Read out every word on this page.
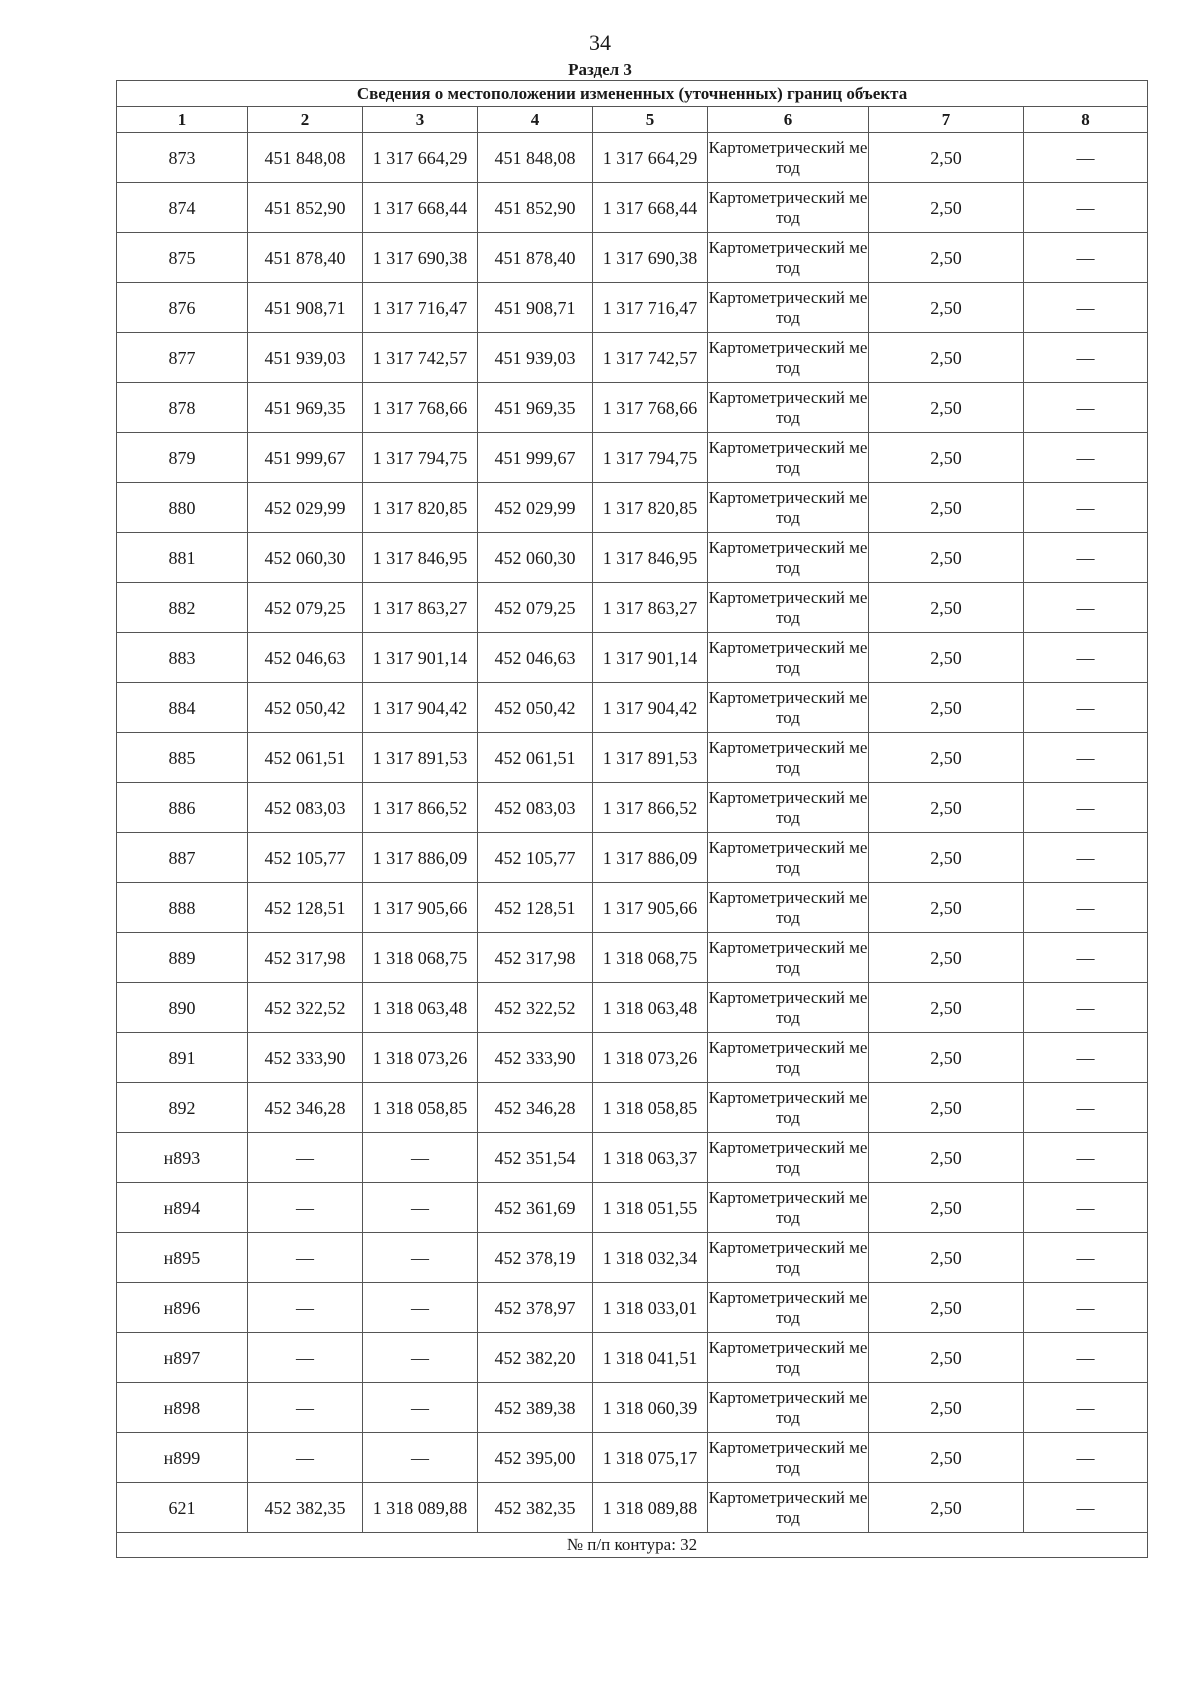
34
Раздел 3
Сведения о местоположении измененных (уточненных) границ объекта							
1	2	3	4	5	6	7	8
873	451 848,08	1 317 664,29	451 848,08	1 317 664,29	Картометрический метод	2,50	—
874	451 852,90	1 317 668,44	451 852,90	1 317 668,44	Картометрический метод	2,50	—
875	451 878,40	1 317 690,38	451 878,40	1 317 690,38	Картометрический метод	2,50	—
876	451 908,71	1 317 716,47	451 908,71	1 317 716,47	Картометрический метод	2,50	—
877	451 939,03	1 317 742,57	451 939,03	1 317 742,57	Картометрический метод	2,50	—
878	451 969,35	1 317 768,66	451 969,35	1 317 768,66	Картометрический метод	2,50	—
879	451 999,67	1 317 794,75	451 999,67	1 317 794,75	Картометрический метод	2,50	—
880	452 029,99	1 317 820,85	452 029,99	1 317 820,85	Картометрический метод	2,50	—
881	452 060,30	1 317 846,95	452 060,30	1 317 846,95	Картометрический метод	2,50	—
882	452 079,25	1 317 863,27	452 079,25	1 317 863,27	Картометрический метод	2,50	—
883	452 046,63	1 317 901,14	452 046,63	1 317 901,14	Картометрический метод	2,50	—
884	452 050,42	1 317 904,42	452 050,42	1 317 904,42	Картометрический метод	2,50	—
885	452 061,51	1 317 891,53	452 061,51	1 317 891,53	Картометрический метод	2,50	—
886	452 083,03	1 317 866,52	452 083,03	1 317 866,52	Картометрический метод	2,50	—
887	452 105,77	1 317 886,09	452 105,77	1 317 886,09	Картометрический метод	2,50	—
888	452 128,51	1 317 905,66	452 128,51	1 317 905,66	Картометрический метод	2,50	—
889	452 317,98	1 318 068,75	452 317,98	1 318 068,75	Картометрический метод	2,50	—
890	452 322,52	1 318 063,48	452 322,52	1 318 063,48	Картометрический метод	2,50	—
891	452 333,90	1 318 073,26	452 333,90	1 318 073,26	Картометрический метод	2,50	—
892	452 346,28	1 318 058,85	452 346,28	1 318 058,85	Картометрический метод	2,50	—
н893	—	—	452 351,54	1 318 063,37	Картометрический метод	2,50	—
н894	—	—	452 361,69	1 318 051,55	Картометрический метод	2,50	—
н895	—	—	452 378,19	1 318 032,34	Картометрический метод	2,50	—
н896	—	—	452 378,97	1 318 033,01	Картометрический метод	2,50	—
н897	—	—	452 382,20	1 318 041,51	Картометрический метод	2,50	—
н898	—	—	452 389,38	1 318 060,39	Картометрический метод	2,50	—
н899	—	—	452 395,00	1 318 075,17	Картометрический метод	2,50	—
621	452 382,35	1 318 089,88	452 382,35	1 318 089,88	Картометрический метод	2,50	—
№ п/п контура: 32							
